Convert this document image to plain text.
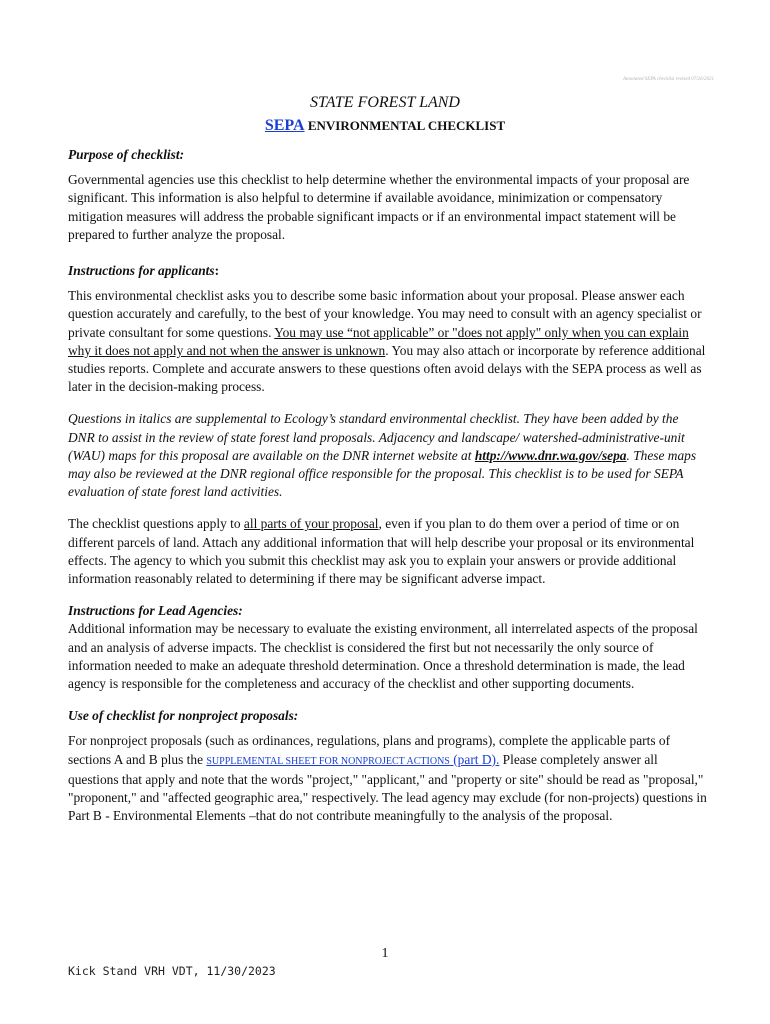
Annotated SEPA checklist revised 07/26/2021
STATE FOREST LAND
SEPA ENVIRONMENTAL CHECKLIST

Purpose of checklist:

Governmental agencies use this checklist to help determine whether the environmental impacts of your proposal are significant. This information is also helpful to determine if available avoidance, minimization or compensatory mitigation measures will address the probable significant impacts or if an environmental impact statement will be prepared to further analyze the proposal.

Instructions for applicants:

This environmental checklist asks you to describe some basic information about your proposal. Please answer each question accurately and carefully, to the best of your knowledge. You may need to consult with an agency specialist or private consultant for some questions. You may use “not applicable” or "does not apply" only when you can explain why it does not apply and not when the answer is unknown. You may also attach or incorporate by reference additional studies reports. Complete and accurate answers to these questions often avoid delays with the SEPA process as well as later in the decision-making process.

Questions in italics are supplemental to Ecology’s standard environmental checklist. They have been added by the DNR to assist in the review of state forest land proposals. Adjacency and landscape/ watershed-administrative-unit (WAU) maps for this proposal are available on the DNR internet website at http://www.dnr.wa.gov/sepa. These maps may also be reviewed at the DNR regional office responsible for the proposal. This checklist is to be used for SEPA evaluation of state forest land activities.

The checklist questions apply to all parts of your proposal, even if you plan to do them over a period of time or on different parcels of land. Attach any additional information that will help describe your proposal or its environmental effects. The agency to which you submit this checklist may ask you to explain your answers or provide additional information reasonably related to determining if there may be significant adverse impact.

Instructions for Lead Agencies:

Additional information may be necessary to evaluate the existing environment, all interrelated aspects of the proposal and an analysis of adverse impacts. The checklist is considered the first but not necessarily the only source of information needed to make an adequate threshold determination. Once a threshold determination is made, the lead agency is responsible for the completeness and accuracy of the checklist and other supporting documents.

Use of checklist for nonproject proposals:

For nonproject proposals (such as ordinances, regulations, plans and programs), complete the applicable parts of sections A and B plus the SUPPLEMENTAL SHEET FOR NONPROJECT ACTIONS (part D). Please completely answer all questions that apply and note that the words "project," "applicant," and "property or site" should be read as "proposal," "proponent," and "affected geographic area," respectively. The lead agency may exclude (for non-projects) questions in Part B - Environmental Elements –that do not contribute meaningfully to the analysis of the proposal.

1
Kick Stand VRH VDT, 11/30/2023
